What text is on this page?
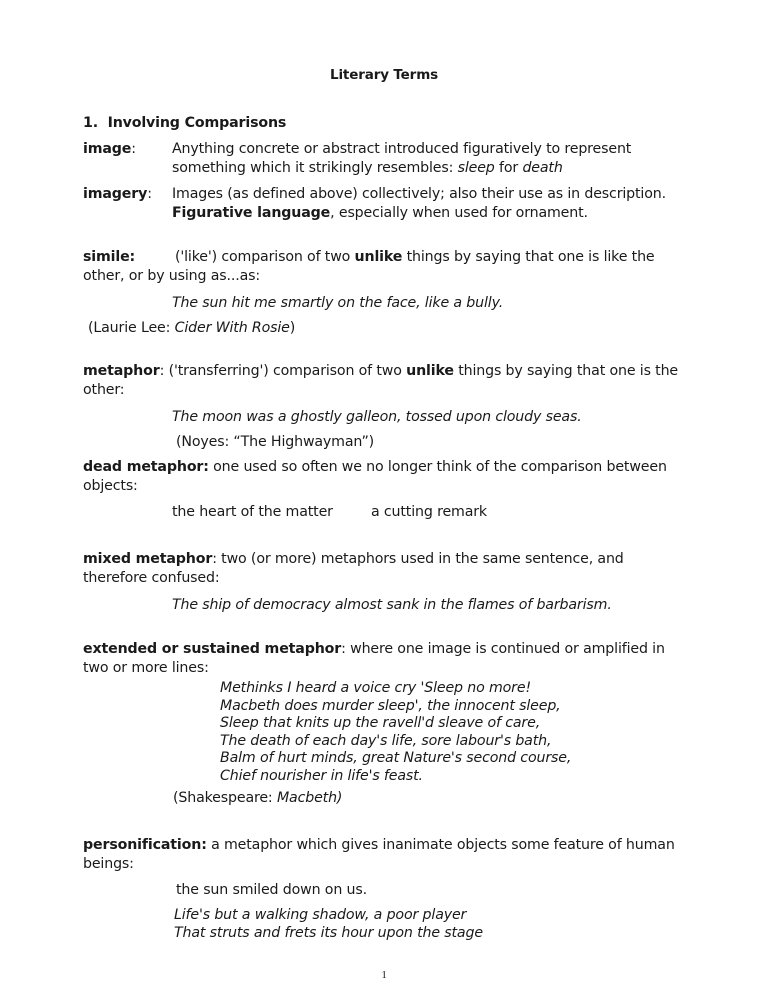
Literary Terms
1. Involving Comparisons
image:	Anything concrete or abstract introduced figuratively to represent
something which it strikingly resembles: sleep for death
imagery: Images (as defined above) collectively; also their use as in description.
Figurative language, especially when used for ornament.
simile:	('like') comparison of two unlike things by saying that one is like the
other, or by using as...as:
The sun hit me smartly on the face, like a bully.
(Laurie Lee: Cider With Rosie)
metaphor: ('transferring') comparison of two unlike things by saying that one is the
other:
The moon was a ghostly galleon, tossed upon cloudy seas.
(Noyes: “The Highwayman”)
dead metaphor: one used so often we no longer think of the comparison between
objects:
the heart of the matter	a cutting remark
mixed metaphor: two (or more) metaphors used in the same sentence, and
therefore confused:
The ship of democracy almost sank in the flames of barbarism.
extended or sustained metaphor: where one image is continued or amplified in
two or more lines:
Methinks I heard a voice cry 'Sleep no more!
Macbeth does murder sleep', the innocent sleep,
Sleep that knits up the ravell'd sleave of care,
The death of each day's life, sore labour's bath,
Balm of hurt minds, great Nature's second course,
Chief nourisher in life's feast.
(Shakespeare: Macbeth)
personification: a metaphor which gives inanimate objects some feature of human
beings:
the sun smiled down on us.
Life's but a walking shadow, a poor player
That struts and frets its hour upon the stage
1
